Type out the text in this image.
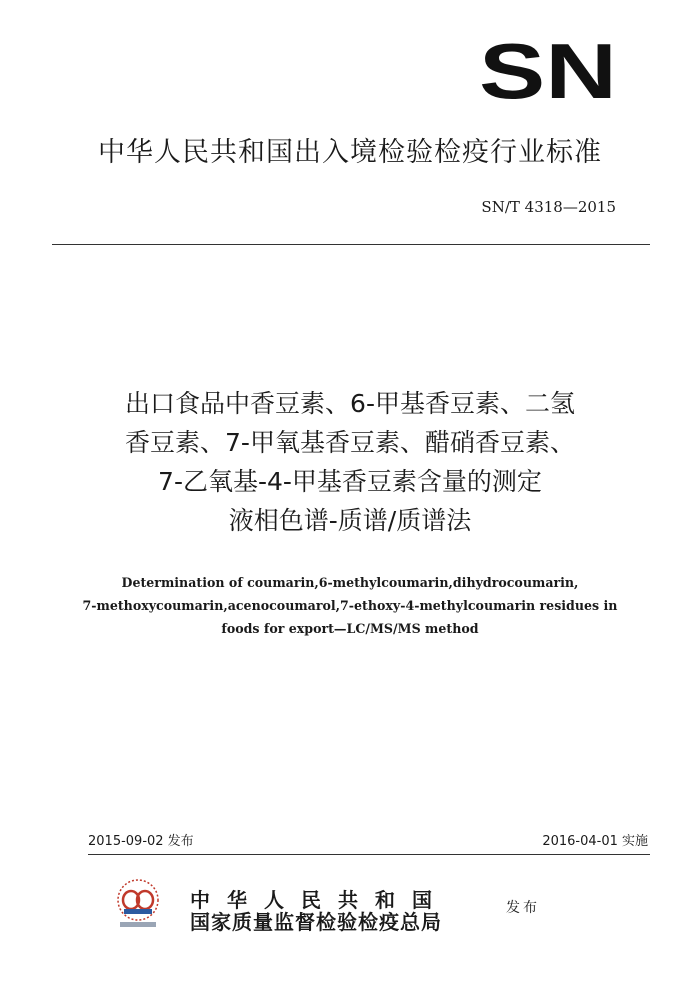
SN
中华人民共和国出入境检验检疫行业标准
SN/T 4318—2015
出口食品中香豆素、6-甲基香豆素、二氢
香豆素、7-甲氧基香豆素、醋硝香豆素、
7-乙氧基-4-甲基香豆素含量的测定
液相色谱-质谱/质谱法
Determination of coumarin,6-methylcoumarin,dihydrocoumarin,
7-methoxycoumarin,acenocoumarol,7-ethoxy-4-methylcoumarin residues in
foods for export—LC/MS/MS method
2015-09-02 发布	2016-04-01 实施
中华人民共和国
国家质量监督检验检疫总局
发布
